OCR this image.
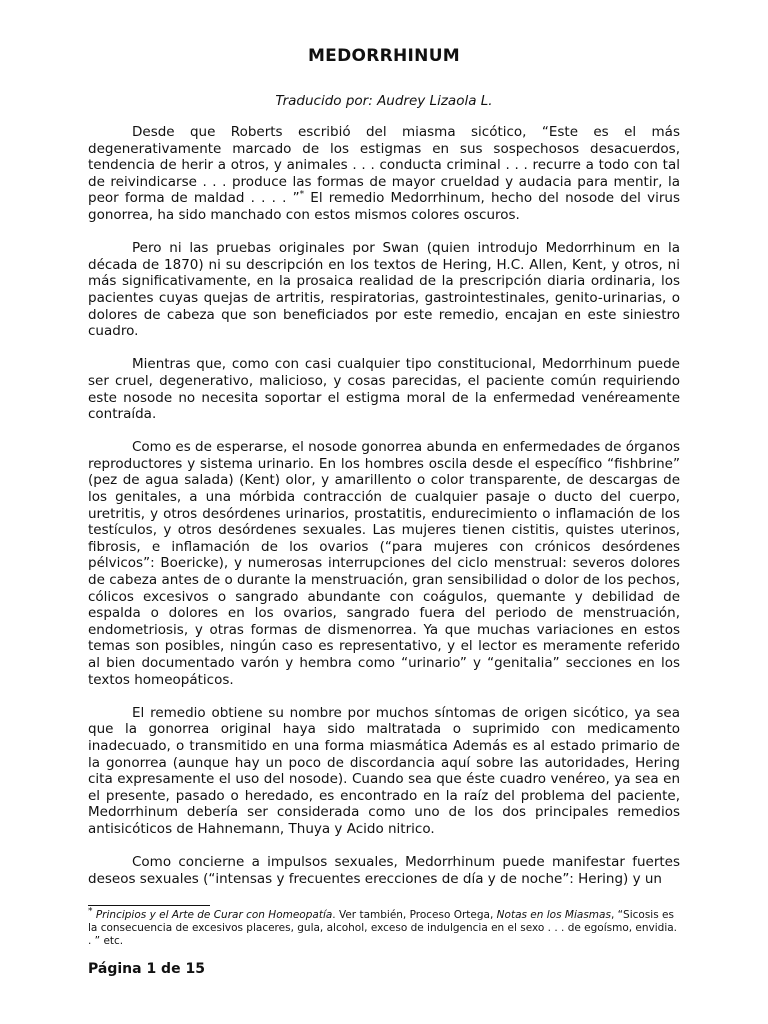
MEDORRHINUM
Traducido por: Audrey Lizaola L.

Desde que Roberts escribió del miasma sicótico, “Este es el más degenerativamente marcado de los estigmas en sus sospechosos desacuerdos, tendencia de herir a otros, y animales . . . conducta criminal . . . recurre a todo con tal de reivindicarse . . . produce las formas de mayor crueldad y audacia para mentir, la peor forma de maldad . . . . ”* El remedio Medorrhinum, hecho del nosode del virus gonorrea, ha sido manchado con estos mismos colores oscuros.

Pero ni las pruebas originales por Swan (quien introdujo Medorrhinum en la década de 1870) ni su descripción en los textos de Hering, H.C. Allen, Kent, y otros, ni más significativamente, en la prosaica realidad de la prescripción diaria ordinaria, los pacientes cuyas quejas de artritis, respiratorias, gastrointestinales, genito-urinarias, o dolores de cabeza que son beneficiados por este remedio, encajan en este siniestro cuadro.

Mientras que, como con casi cualquier tipo constitucional, Medorrhinum puede ser cruel, degenerativo, malicioso, y cosas parecidas, el paciente común requiriendo este nosode no necesita soportar el estigma moral de la enfermedad venéreamente contraída.

Como es de esperarse, el nosode gonorrea abunda en enfermedades de órganos reproductores y sistema urinario. En los hombres oscila desde el específico “fishbrine” (pez de agua salada) (Kent) olor, y amarillento o color transparente, de descargas de los genitales, a una mórbida contracción de cualquier pasaje o ducto del cuerpo, uretritis, y otros desórdenes urinarios, prostatitis, endurecimiento o inflamación de los testículos, y otros desórdenes sexuales. Las mujeres tienen cistitis, quistes uterinos, fibrosis, e inflamación de los ovarios (“para mujeres con crónicos desórdenes pélvicos”: Boericke), y numerosas interrupciones del ciclo menstrual: severos dolores de cabeza antes de o durante la menstruación, gran sensibilidad o dolor de los pechos, cólicos excesivos o sangrado abundante con coágulos, quemante y debilidad de espalda o dolores en los ovarios, sangrado fuera del periodo de menstruación, endometriosis, y otras formas de dismenorrea. Ya que muchas variaciones en estos temas son posibles, ningún caso es representativo, y el lector es meramente referido al bien documentado varón y hembra como “urinario” y “genitalia” secciones en los textos homeopáticos.

El remedio obtiene su nombre por muchos síntomas de origen sicótico, ya sea que la gonorrea original haya sido maltratada o suprimido con medicamento inadecuado, o transmitido en una forma miasmática Además es al estado primario de la gonorrea (aunque hay un poco de discordancia aquí sobre las autoridades, Hering cita expresamente el uso del nosode). Cuando sea que éste cuadro venéreo, ya sea en el presente, pasado o heredado, es encontrado en la raíz del problema del paciente, Medorrhinum debería ser considerada como uno de los dos principales remedios antisicóticos de Hahnemann, Thuya y Acido nitrico.

Como concierne a impulsos sexuales, Medorrhinum puede manifestar fuertes deseos sexuales (“intensas y frecuentes erecciones de día y de noche”: Hering) y un

* Principios y el Arte de Curar con Homeopatía. Ver también, Proceso Ortega, Notas en los Miasmas, “Sicosis es la consecuencia de excesivos placeres, gula, alcohol, exceso de indulgencia en el sexo . . . de egoísmo, envidia. . ” etc.
Página 1 de 15
